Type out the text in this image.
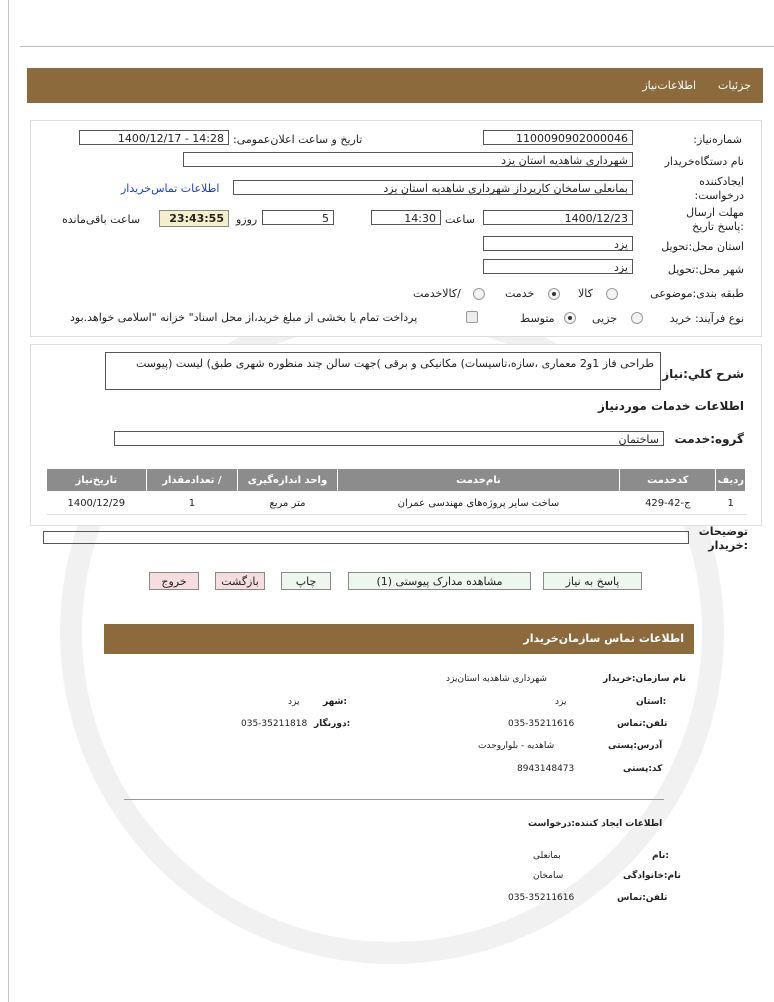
جزئیات
اطلاعات‌نیاز
شماره‌نیاز:
1100090902000046
تاریخ و ساعت اعلان‌عمومی:
1400/12/17 - 14:28
نام دستگاه‌خریدار
شهرداری شاهدیه استان یزد
ایجادکننده درخواست:
بمانعلی سامخان کارپرداز شهرداری شاهدیه استان یزد
اطلاعات تماس‌خریدار
مهلت ارسال :پاسخ تاریخ
1400/12/23
ساعت
14:30
5
روزو
23:43:55
ساعت باقی‌مانده
استان محل:تحویل
یزد
شهر محل:تحویل
یزد
طبقه بندی:موضوعی
کالا
خدمت
/کالاخدمت
نوع فرآیند: خرید
جزیی
متوسط
پرداخت تمام یا بخشی از مبلغ خرید،از محل اسناد" خزانه "اسلامی خواهد.بود
شرح کلي:نیاز
طراحی فاز 1و2 معماری ،سازه،تاسیسات) مکانیکی و برقی )جهت سالن چند منظوره شهری طبق) لیست (پیوست
اطلاعات خدمات موردنیاز
گروه:خدمت
ساختمان
ردیف	کدخدمت	نام‌خدمت	واحد اندازه‌گیری	/ تعدادمقدار	تاریخ‌نیاز
1	ج-42-429	ساخت سایر پروژه‌های مهندسی عمران	متر مربع	1	1400/12/29
توضیحات :خریدار
پاسخ به نیاز
مشاهده مدارک پیوستی (1)
چاپ
بازگشت
خروج
اطلاعات تماس سازمان‌خریدار
نام سازمان:خریدار
شهرداری شاهدیه استان‌یزد
:استان
یزد
:شهر
یزد
تلفن:تماس
035-35211616
:دورنگار
035-35211818
آدرس:پستی
شاهدیه - بلوار‌وحدت
کد:پستی
8943148473
اطلاعات ایجاد کننده:درخواست
:نام
بمانعلی
نام:خانوادگی
سامخان
تلفن:تماس
035-35211616
